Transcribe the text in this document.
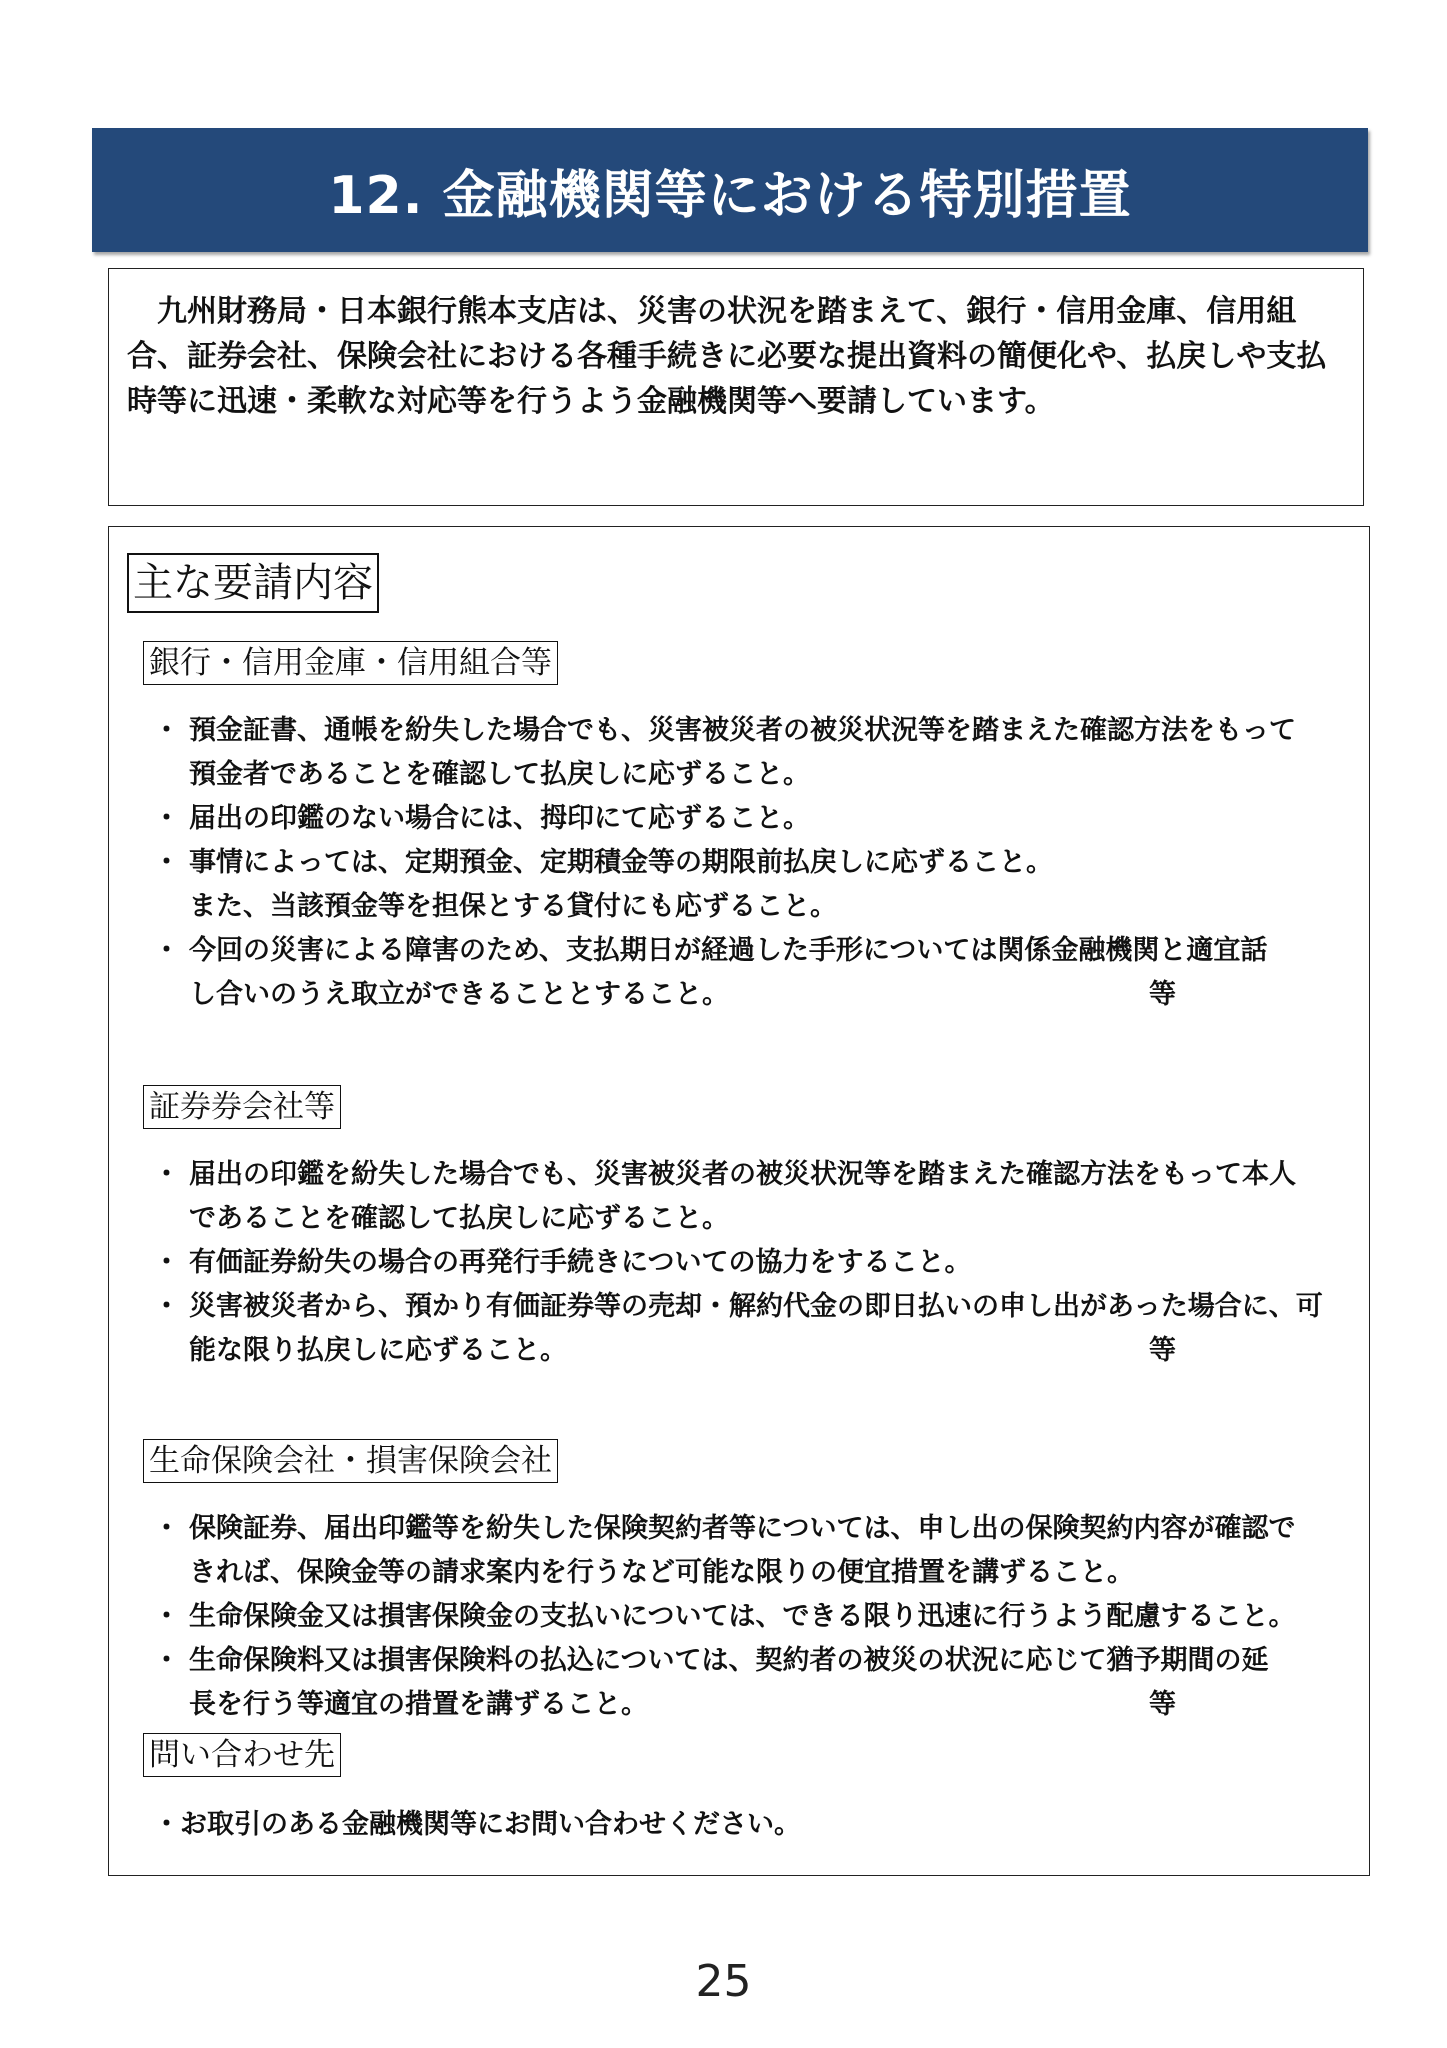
12. 金融機関等における特別措置

九州財務局・日本銀行熊本支店は、災害の状況を踏まえて、銀行・信用金庫、信用組合、証券会社、保険会社における各種手続きに必要な提出資料の簡便化や、払戻しや支払時等に迅速・柔軟な対応等を行うよう金融機関等へ要請しています。

主な要請内容
銀行・信用金庫・信用組合等
・ 預金証書、通帳を紛失した場合でも、災害被災者の被災状況等を踏まえた確認方法をもって
預金者であることを確認して払戻しに応ずること。
・ 届出の印鑑のない場合には、拇印にて応ずること。
・ 事情によっては、定期預金、定期積金等の期限前払戻しに応ずること。
また、当該預金等を担保とする貸付にも応ずること。
・ 今回の災害による障害のため、支払期日が経過した手形については関係金融機関と適宜話
し合いのうえ取立ができることとすること。	等
証券券会社等
・ 届出の印鑑を紛失した場合でも、災害被災者の被災状況等を踏まえた確認方法をもって本人
であることを確認して払戻しに応ずること。
・ 有価証券紛失の場合の再発行手続きについての協力をすること。
・ 災害被災者から、預かり有価証券等の売却・解約代金の即日払いの申し出があった場合に、可
能な限り払戻しに応ずること。	等
生命保険会社・損害保険会社
・ 保険証券、届出印鑑等を紛失した保険契約者等については、申し出の保険契約内容が確認で
きれば、保険金等の請求案内を行うなど可能な限りの便宜措置を講ずること。
・ 生命保険金又は損害保険金の支払いについては、できる限り迅速に行うよう配慮すること。
・ 生命保険料又は損害保険料の払込については、契約者の被災の状況に応じて猶予期間の延
長を行う等適宜の措置を講ずること。	等
問い合わせ先
・お取引のある金融機関等にお問い合わせください。
25
